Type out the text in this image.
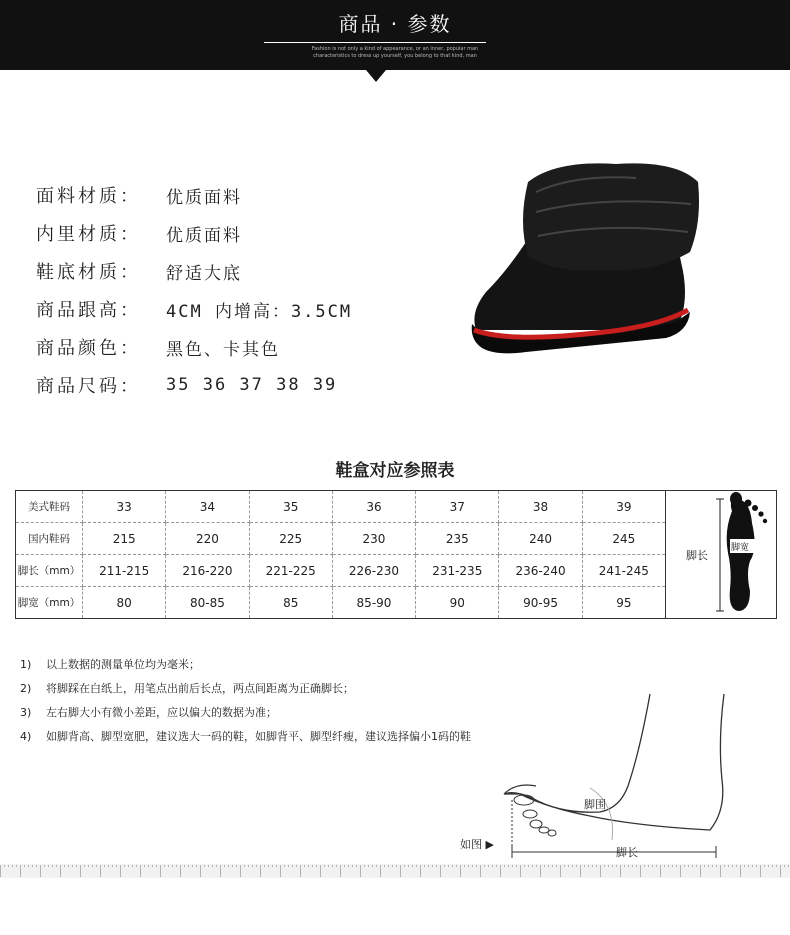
商品 · 参数
Fashion is not only a kind of appearance, or an inner, popular man
characteristics to dress up yourself, you belong to that kind, man
面料材质：	优质面料
内里材质：	优质面料
鞋底材质：	舒适大底
商品跟高：	4CM 内增高：3.5CM
商品颜色：	黑色、卡其色
商品尺码：	35 36 37 38 39
鞋盒对应参照表
美式鞋码	33	34	35	36	37	38	39	脚长
脚宽

国内鞋码	215	220	225	230	235	240	245	
脚长（mm）	211-215	216-220	221-225	226-230	231-235	236-240	241-245	
脚宽（mm）	80	80-85	85	85-90	90	90-95	95	
1) 以上数据的测量单位均为毫米；
2) 将脚踩在白纸上，用笔点出前后长点，两点间距离为正确脚长；
3) 左右脚大小有微小差距，应以偏大的数据为准；
4) 如脚背高、脚型宽肥，建议选大一码的鞋，如脚背平、脚型纤瘦，建议选择偏小1码的鞋
脚围
脚长
如图 ▶
